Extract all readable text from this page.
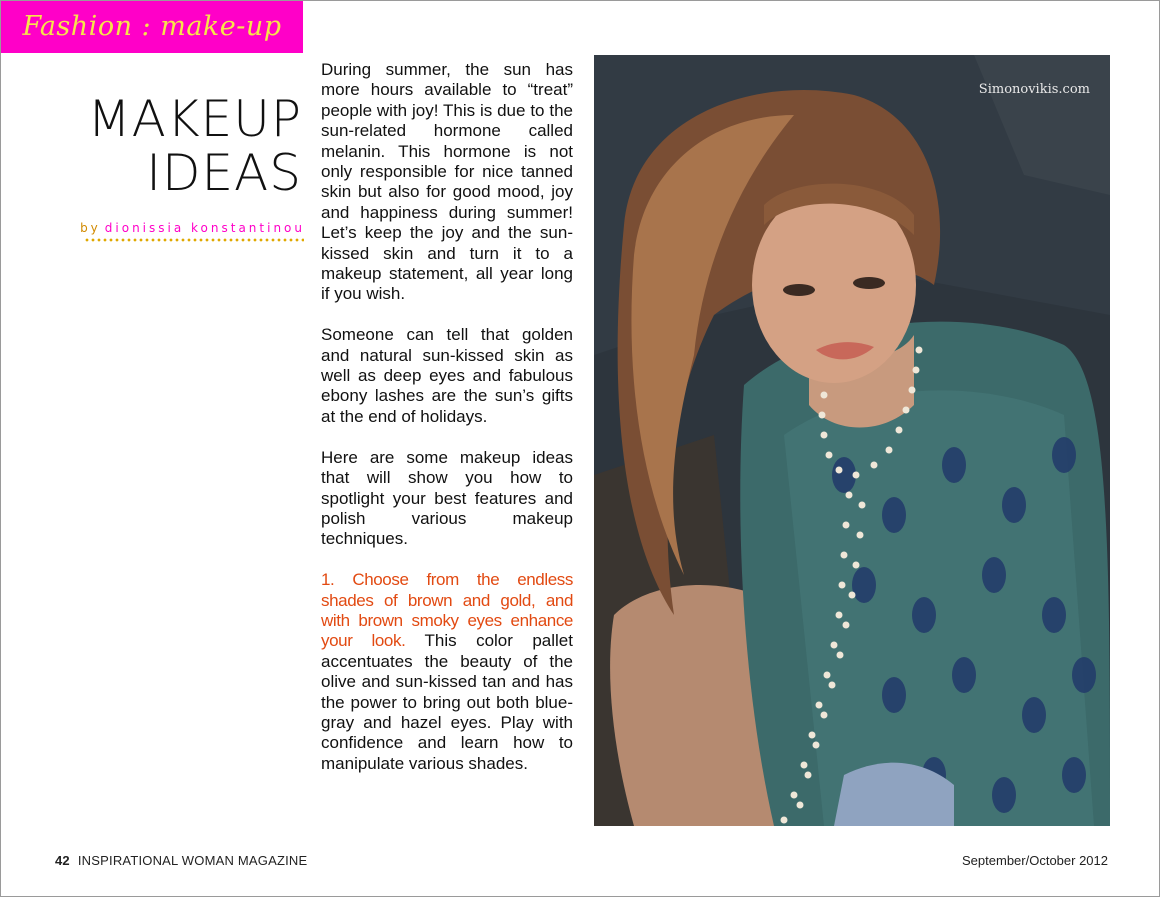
Fashion : make-up
MAKEUP
IDEAS
by dionissia konstantinou

During summer, the sun has more hours available to “treat” people with joy! This is due to the sun-related hormone called melanin. This hormone is not only responsible for nice tanned skin but also for good mood, joy and happiness during summer! Let’s keep the joy and the sun-kissed skin and turn it to a makeup statement, all year long if you wish.

Someone can tell that golden and natural sun-kissed skin as well as deep eyes and fabulous ebony lashes are the sun’s gifts at the end of holidays.

Here are some makeup ideas that will show you how to spotlight your best features and polish various makeup techniques.

1. Choose from the endless shades of brown and gold, and with brown smoky eyes enhance your look. This color pallet accentuates the beauty of the olive and sun-kissed tan and has the power to bring out both blue-gray and hazel eyes. Play with confidence and learn how to manipulate various shades.

Simonovikis.com
42 INSPIRATIONAL WOMAN MAGAZINE	September/October 2012
